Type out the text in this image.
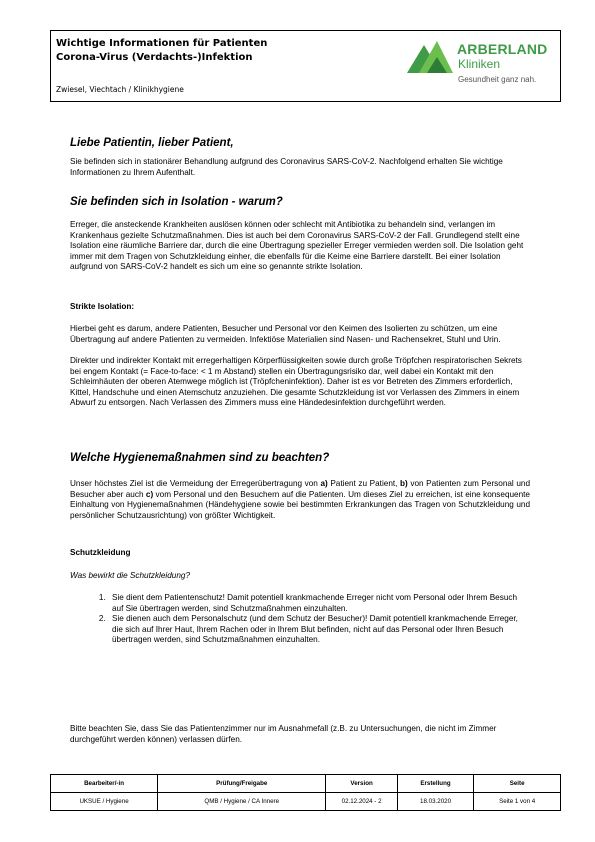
Wichtige Informationen für Patienten
Corona-Virus (Verdachts-)Infektion
Zwiesel, Viechtach / Klinikhygiene
ARBERLAND
Kliniken
Gesundheit ganz nah.
Liebe Patientin, lieber Patient,
Sie befinden sich in stationärer Behandlung aufgrund des Coronavirus SARS-CoV-2. Nachfolgend erhalten Sie wichtige Informationen zu Ihrem Aufenthalt.
Sie befinden sich in Isolation - warum?
Erreger, die ansteckende Krankheiten auslösen können oder schlecht mit Antibiotika zu behandeln sind, verlangen im Krankenhaus gezielte Schutzmaßnahmen. Dies ist auch bei dem Coronavirus SARS-CoV-2 der Fall. Grundlegend stellt eine Isolation eine räumliche Barriere dar, durch die eine Übertragung spezieller Erreger vermieden werden soll. Die Isolation geht immer mit dem Tragen von Schutzkleidung einher, die ebenfalls für die Keime eine Barriere darstellt. Bei einer Isolation aufgrund von SARS-CoV-2 handelt es sich um eine so genannte strikte Isolation.
Strikte Isolation:
Hierbei geht es darum, andere Patienten, Besucher und Personal vor den Keimen des Isolierten zu schützen, um eine Übertragung auf andere Patienten zu vermeiden. Infektiöse Materialien sind Nasen- und Rachensekret, Stuhl und Urin.
Direkter und indirekter Kontakt mit erregerhaltigen Körperflüssigkeiten sowie durch große Tröpfchen respiratorischen Sekrets bei engem Kontakt (= Face-to-face: < 1 m Abstand) stellen ein Übertragungsrisiko dar, weil dabei ein Kontakt mit den Schleimhäuten der oberen Atemwege möglich ist (Tröpfcheninfektion). Daher ist es vor Betreten des Zimmers erforderlich, Kittel, Handschuhe und einen Atemschutz anzuziehen. Die gesamte Schutzkleidung ist vor Verlassen des Zimmers in einem Abwurf zu entsorgen. Nach Verlassen des Zimmers muss eine Händedesinfektion durchgeführt werden.
Welche Hygienemaßnahmen sind zu beachten?
Unser höchstes Ziel ist die Vermeidung der Erregerübertragung von a) Patient zu Patient, b) von Patienten zum Personal und Besucher aber auch c) vom Personal und den Besuchern auf die Patienten. Um dieses Ziel zu erreichen, ist eine konsequente Einhaltung von Hygienemaßnahmen (Händehygiene sowie bei bestimmten Erkrankungen das Tragen von Schutzkleidung und persönlicher Schutzausrichtung) von größter Wichtigkeit.
Schutzkleidung
Was bewirkt die Schutzkleidung?
1. Sie dient dem Patientenschutz! Damit potentiell krankmachende Erreger nicht vom Personal oder Ihrem Besuch auf Sie übertragen werden, sind Schutzmaßnahmen einzuhalten.
2. Sie dienen auch dem Personalschutz (und dem Schutz der Besucher)! Damit potentiell krankmachende Erreger, die sich auf Ihrer Haut, Ihrem Rachen oder in Ihrem Blut befinden, nicht auf das Personal oder Ihren Besuch übertragen werden, sind Schutzmaßnahmen einzuhalten.
Bitte beachten Sie, dass Sie das Patientenzimmer nur im Ausnahmefall (z.B. zu Untersuchungen, die nicht im Zimmer durchgeführt werden können) verlassen dürfen.
Bearbeiter/-in	Prüfung/Freigabe	Version	Erstellung	Seite
UKSUE / Hygiene	QMB / Hygiene / CA Innere	02.12.2024 - 2	18.03.2020	Seite 1 von 4
